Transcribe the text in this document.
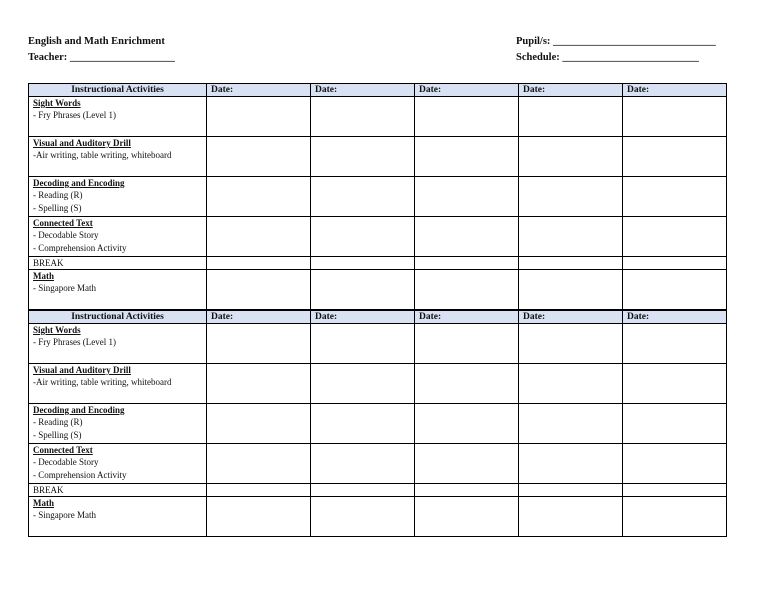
English and Math Enrichment
Teacher: ____________________
Pupil/s: _______________________________
Schedule: __________________________
Instructional Activities	Date:	Date:	Date:	Date:	Date:

Sight Words
- Fry Phrases (Level 1)					

Visual and Auditory Drill
-Air writing, table writing, whiteboard					

Decoding and Encoding
- Reading (R)
- Spelling (S)					

Connected Text
- Decodable Story
- Comprehension Activity					

BREAK					

Math
- Singapore Math					

Instructional Activities	Date:	Date:	Date:	Date:	Date:

Sight Words
- Fry Phrases (Level 1)					

Visual and Auditory Drill
-Air writing, table writing, whiteboard					

Decoding and Encoding
- Reading (R)
- Spelling (S)					

Connected Text
- Decodable Story
- Comprehension Activity					

BREAK					

Math
- Singapore Math					
